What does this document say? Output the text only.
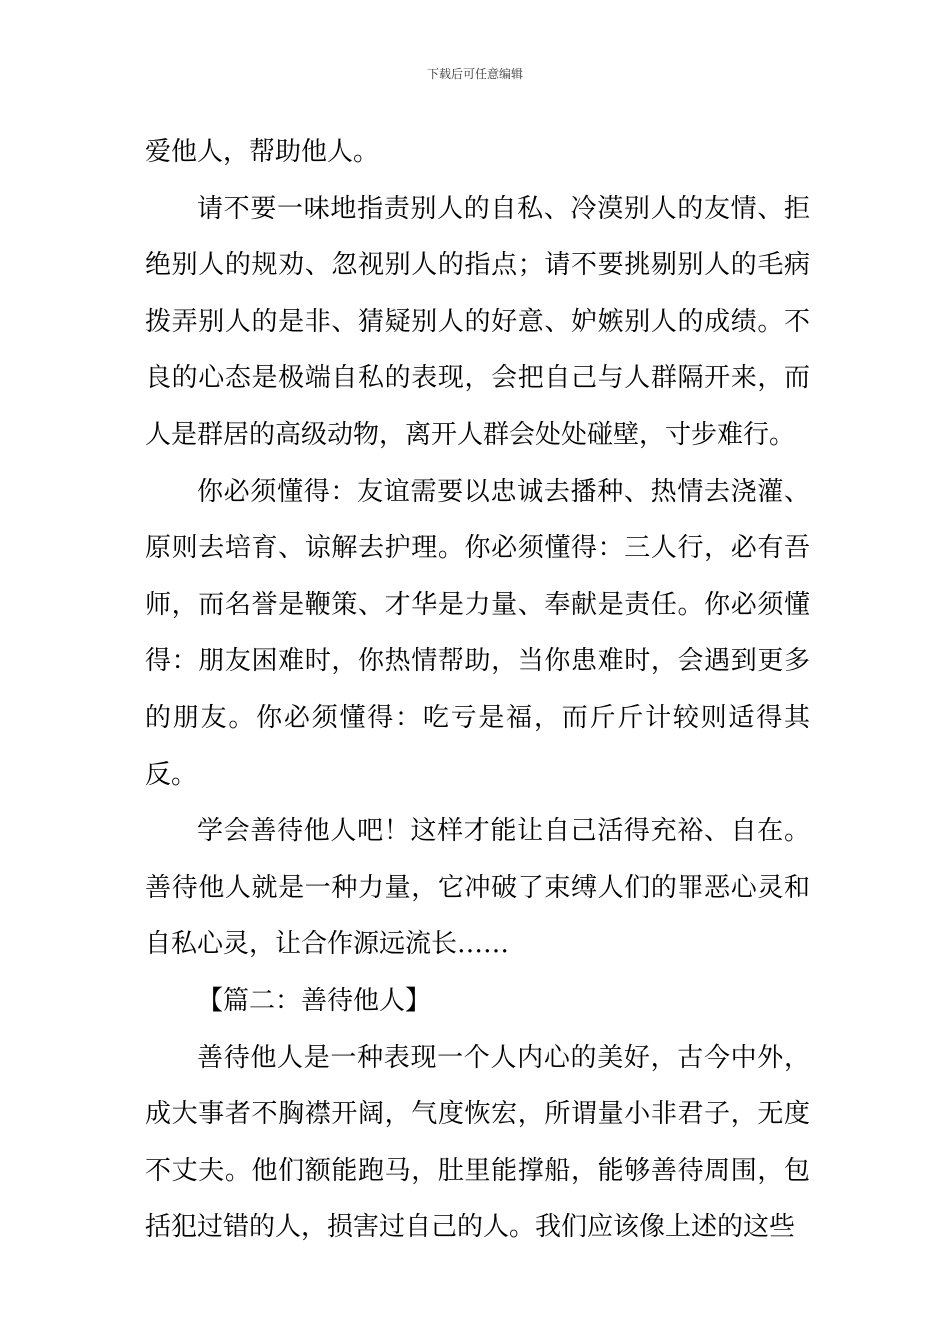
下载后可任意编辑

爱他人，帮助他人。

请不要一味地指责别人的自私、冷漠别人的友情、拒绝别人的规劝、忽视别人的指点；请不要挑剔别人的毛病拨弄别人的是非、猜疑别人的好意、妒嫉别人的成绩。不良的心态是极端自私的表现，会把自己与人群隔开来，而人是群居的高级动物，离开人群会处处碰壁，寸步难行。

你必须懂得：友谊需要以忠诚去播种、热情去浇灌、原则去培育、谅解去护理。你必须懂得：三人行，必有吾师，而名誉是鞭策、才华是力量、奉献是责任。你必须懂得：朋友困难时，你热情帮助，当你患难时，会遇到更多的朋友。你必须懂得：吃亏是福，而斤斤计较则适得其反。

学会善待他人吧！这样才能让自己活得充裕、自在。善待他人就是一种力量，它冲破了束缚人们的罪恶心灵和自私心灵，让合作源远流长……

【篇二：善待他人】

善待他人是一种表现一个人内心的美好，古今中外，成大事者不胸襟开阔，气度恢宏，所谓量小非君子，无度不丈夫。他们额能跑马，肚里能撑船，能够善待周围，包括犯过错的人，损害过自己的人。我们应该像上述的这些
